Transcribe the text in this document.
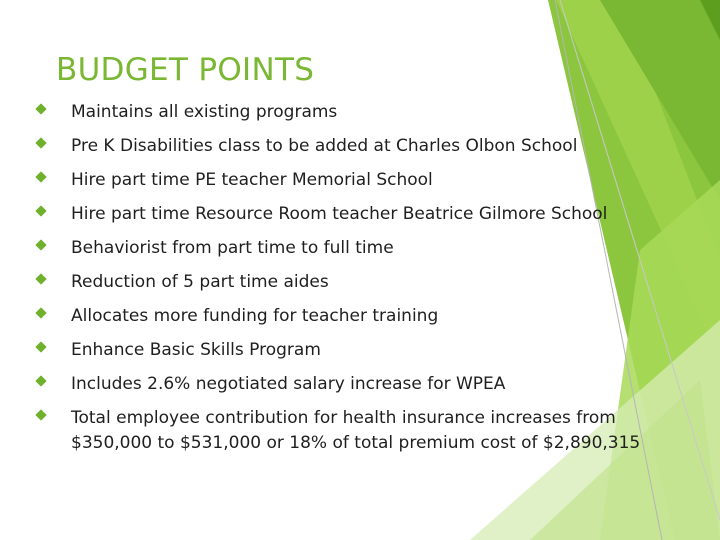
BUDGET POINTS
Maintains all existing programs
Pre K Disabilities class to be added at Charles Olbon School
Hire part time PE teacher Memorial School
Hire part time Resource Room teacher Beatrice Gilmore School
Behaviorist from part time to full time
Reduction of 5 part time aides
Allocates more funding for teacher training
Enhance Basic Skills Program
Includes 2.6% negotiated salary increase for WPEA
Total employee contribution for health insurance increases from
$350,000 to $531,000 or 18% of total premium cost of $2,890,315
